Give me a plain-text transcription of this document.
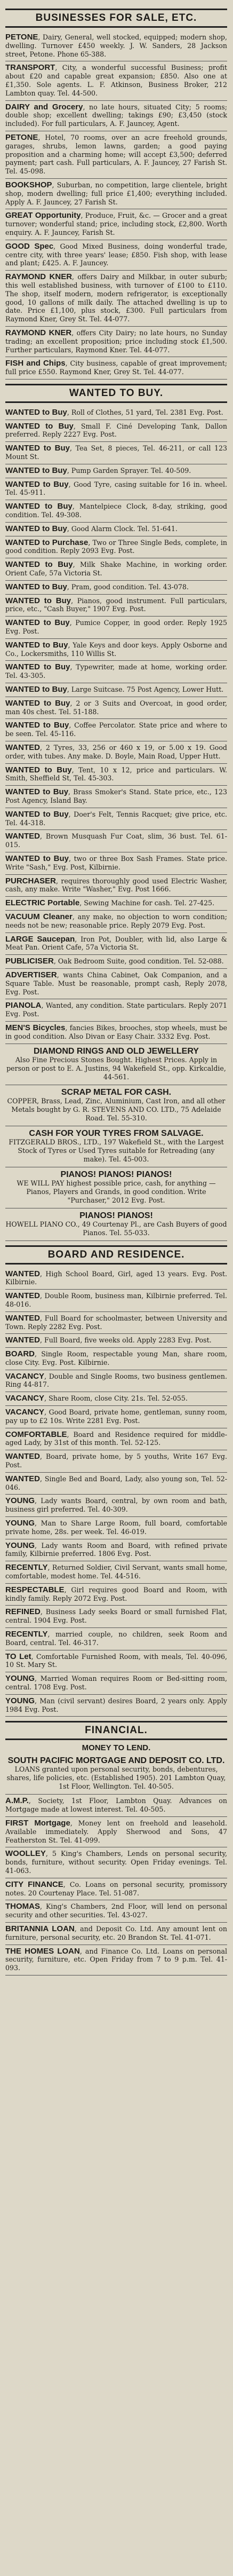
BUSINESSES FOR SALE, ETC.
PETONE, Dairy, General, well stocked, equipped; modern shop, dwelling. Turnover £450 weekly. J. W. Sanders, 28 Jackson street, Petone. Phone 65-388.
TRANSPORT, City, a wonderful successful Business; profit about £20 and capable great expansion; £850. Also one at £1,350. Sole agents. L. F. Atkinson, Business Broker, 212 Lambton quay. Tel. 44-500.
DAIRY and Grocery, no late hours, situated City; 5 rooms; double shop; excellent dwelling; takings £90; £3,450 (stock included). For full particulars, A. F. Jauncey, Agent.
PETONE, Hotel, 70 rooms, over an acre freehold grounds, garages, shrubs, lemon lawns, garden; a good paying proposition and a charming home; will accept £3,500; deferred payment; part cash. Full particulars, A. F. Jauncey, 27 Farish St. Tel. 45-098.
BOOKSHOP, Suburban, no competition, large clientele, bright shop, modern dwelling; full price £1,400; everything included. Apply A. F. Jauncey, 27 Farish St.
GREAT Opportunity, Produce, Fruit, &c. — Grocer and a great turnover; wonderful stand; price, including stock, £2,800. Worth enquiry. A. F. Jauncey, Farish St.
GOOD Spec, Good Mixed Business, doing wonderful trade, centre city, with three years' lease; £850. Fish shop, with lease and plant; £425. A. F. Jauncey.
RAYMOND KNER, offers Dairy and Milkbar, in outer suburb; this well established business, with turnover of £100 to £110. The shop, itself modern, modern refrigerator, is exceptionally good, 10 gallons of milk daily. The attached dwelling is up to date. Price £1,100, plus stock, £300. Full particulars from Raymond Kner, Grey St. Tel. 44-077.
RAYMOND KNER, offers City Dairy; no late hours, no Sunday trading; an excellent proposition; price including stock £1,500. Further particulars, Raymond Kner. Tel. 44-077.
FISH and Chips, City business, capable of great improvement; full price £550. Raymond Kner, Grey St. Tel. 44-077.
WANTED TO BUY.
WANTED to Buy, Roll of Clothes, 51 yard, Tel. 2381 Evg. Post.
WANTED to Buy, Small F. Ciné Developing Tank, Dallon preferred. Reply 2227 Evg. Post.
WANTED to Buy, Tea Set, 8 pieces, Tel. 46-211, or call 123 Mount St.
WANTED to Buy, Pump Garden Sprayer. Tel. 40-509.
WANTED to Buy, Good Tyre, casing suitable for 16 in. wheel. Tel. 45-911.
WANTED to Buy, Mantelpiece Clock, 8-day, striking, good condition. Tel. 49-308.
WANTED to Buy, Good Alarm Clock. Tel. 51-641.
WANTED to Purchase, Two or Three Single Beds, complete, in good condition. Reply 2093 Evg. Post.
WANTED to Buy, Milk Shake Machine, in working order. Orient Cafe, 57a Victoria St.
WANTED to Buy, Pram, good condition. Tel. 43-078.
WANTED to Buy, Pianos, good instrument. Full particulars, price, etc., "Cash Buyer," 1907 Evg. Post.
WANTED to Buy, Pumice Copper, in good order. Reply 1925 Evg. Post.
WANTED to Buy, Yale Keys and door keys. Apply Osborne and Co., Lockersmiths, 110 Willis St.
WANTED to Buy, Typewriter, made at home, working order. Tel. 43-305.
WANTED to Buy, Large Suitcase. 75 Post Agency, Lower Hutt.
WANTED to Buy, 2 or 3 Suits and Overcoat, in good order, man 40s chest. Tel. 51-188.
WANTED to Buy, Coffee Percolator. State price and where to be seen. Tel. 45-116.
WANTED, 2 Tyres, 33, 256 or 460 x 19, or 5.00 x 19. Good order, with tubes. Any make. D. Boyle, Main Road, Upper Hutt.
WANTED to Buy, Tent, 10 x 12, price and particulars. W. Smith, Sheffield St, Tel. 45-303.
WANTED to Buy, Brass Smoker's Stand. State price, etc., 123 Post Agency, Island Bay.
WANTED to Buy, Doer's Felt, Tennis Racquet; give price, etc. Tel. 44-318.
WANTED, Brown Musquash Fur Coat, slim, 36 bust. Tel. 61-015.
WANTED to Buy, two or three Box Sash Frames. State price. Write "Sash," Evg. Post, Kilbirnie.
PURCHASER, requires thoroughly good used Electric Washer, cash, any make. Write "Washer," Evg. Post 1666.
ELECTRIC Portable, Sewing Machine for cash. Tel. 27-425.
VACUUM Cleaner, any make, no objection to worn condition; needs not be new; reasonable price. Reply 2079 Evg. Post.
LARGE Saucepan, Iron Pot, Doubler, with lid, also Large & Meat Pan. Orient Cafe, 57a Victoria St.
PUBLICISER, Oak Bedroom Suite, good condition. Tel. 52-088.
ADVERTISER, wants China Cabinet, Oak Companion, and a Square Table. Must be reasonable, prompt cash, Reply 2078, Evg. Post.
PIANOLA, Wanted, any condition. State particulars. Reply 2071 Evg. Post.
MEN'S Bicycles, fancies Bikes, brooches, stop wheels, must be in good condition. Also Divan or Easy Chair. 3332 Evg. Post.
DIAMOND RINGS AND OLD JEWELLERY
Also Fine Precious Stones Bought. Highest Prices. Apply in person or post to E. A. Justins, 94 Wakefield St., opp. Kirkcaldie, 44-561.
SCRAP METAL FOR CASH.
COPPER, Brass, Lead, Zinc, Aluminium, Cast Iron, and all other Metals bought by G. R. STEVENS AND CO. LTD., 75 Adelaide Road. Tel. 55-310.
CASH FOR YOUR TYRES FROM SALVAGE.
FITZGERALD BROS., LTD., 197 Wakefield St., with the Largest Stock of Tyres or Used Tyres suitable for Retreading (any make). Tel. 45-003.
PIANOS! PIANOS! PIANOS!
WE WILL PAY highest possible price, cash, for anything — Pianos, Players and Grands, in good condition. Write "Purchaser," 2012 Evg. Post.
PIANOS! PIANOS!
HOWELL PIANO CO., 49 Courtenay Pl., are Cash Buyers of good Pianos. Tel. 55-033.
BOARD AND RESIDENCE.
WANTED, High School Board, Girl, aged 13 years. Evg. Post. Kilbirnie.
WANTED, Double Room, business man, Kilbirnie preferred. Tel. 48-016.
WANTED, Full Board for schoolmaster, between University and Town. Reply 2282 Evg. Post.
WANTED, Full Board, five weeks old. Apply 2283 Evg. Post.
BOARD, Single Room, respectable young Man, share room, close City. Evg. Post. Kilbirnie.
VACANCY, Double and Single Rooms, two business gentlemen. Ring 44-817.
VACANCY, Share Room, close City. 21s. Tel. 52-055.
VACANCY, Good Board, private home, gentleman, sunny room, pay up to £2 10s. Write 2281 Evg. Post.
COMFORTABLE, Board and Residence required for middle-aged Lady, by 31st of this month. Tel. 52-125.
WANTED, Board, private home, by 5 youths, Write 167 Evg. Post.
WANTED, Single Bed and Board, Lady, also young son, Tel. 52-046.
YOUNG, Lady wants Board, central, by own room and bath, business girl preferred. Tel. 40-309.
YOUNG, Man to Share Large Room, full board, comfortable private home, 28s. per week. Tel. 46-019.
YOUNG, Lady wants Room and Board, with refined private family, Kilbirnie preferred. 1806 Evg. Post.
RECENTLY, Returned Soldier, Civil Servant, wants small home, comfortable, modest home. Tel. 44-516.
RESPECTABLE, Girl requires good Board and Room, with kindly family. Reply 2072 Evg. Post.
REFINED, Business Lady seeks Board or small furnished Flat, central. 1904 Evg. Post.
RECENTLY, married couple, no children, seek Room and Board, central. Tel. 46-317.
TO Let, Comfortable Furnished Room, with meals, Tel. 40-096, 10 St. Mary St.
YOUNG, Married Woman requires Room or Bed-sitting room, central. 1708 Evg. Post.
YOUNG, Man (civil servant) desires Board, 2 years only. Apply 1984 Evg. Post.
FINANCIAL.
MONEY TO LEND.
SOUTH PACIFIC MORTGAGE AND DEPOSIT CO. LTD.
LOANS granted upon personal security, bonds, debentures, shares, life policies, etc. (Established 1905). 201 Lambton Quay, 1st Floor, Wellington. Tel. 40-505.
A.M.P., Society, 1st Floor, Lambton Quay. Advances on Mortgage made at lowest interest. Tel. 40-505.
FIRST Mortgage, Money lent on freehold and leasehold. Available immediately. Apply Sherwood and Sons, 47 Featherston St. Tel. 41-099.
WOOLLEY, 5 King's Chambers, Lends on personal security, bonds, furniture, without security. Open Friday evenings. Tel. 41-063.
CITY FINANCE, Co. Loans on personal security, promissory notes. 20 Courtenay Place. Tel. 51-087.
THOMAS, King's Chambers, 2nd Floor, will lend on personal security and other securities. Tel. 43-027.
BRITANNIA LOAN, and Deposit Co. Ltd. Any amount lent on furniture, personal security, etc. 20 Brandon St. Tel. 41-071.
THE HOMES LOAN, and Finance Co. Ltd. Loans on personal security, furniture, etc. Open Friday from 7 to 9 p.m. Tel. 41-093.
